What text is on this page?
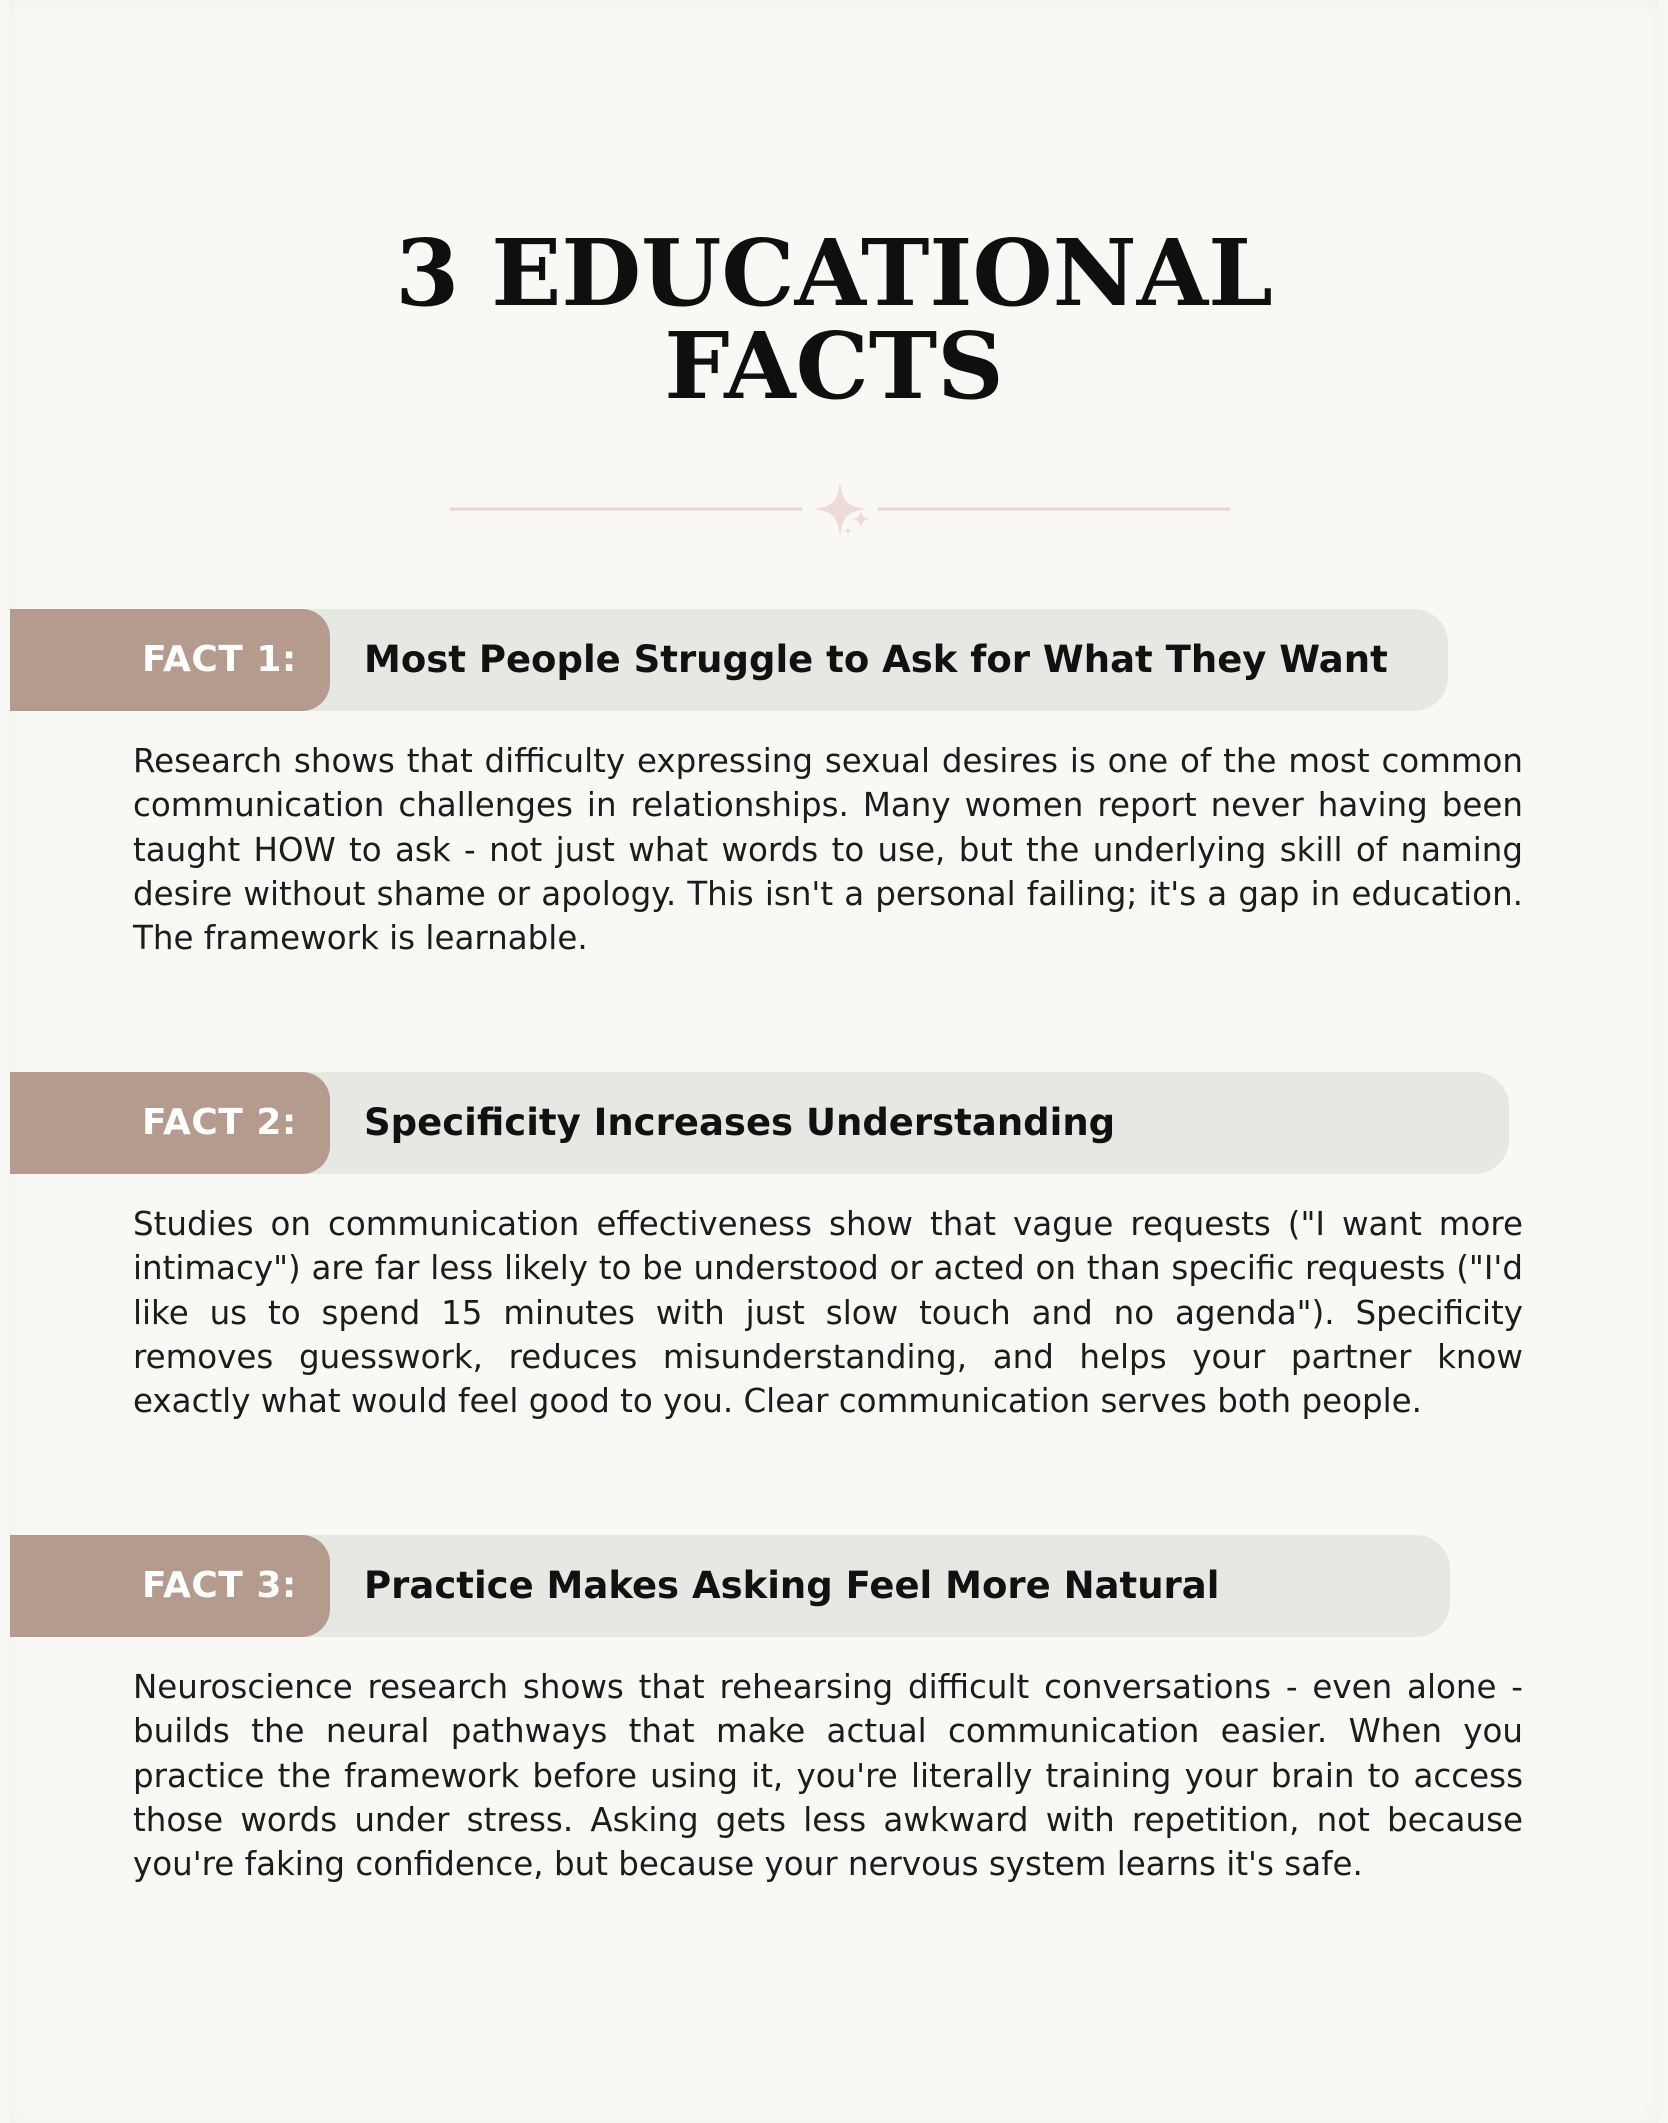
3 EDUCATIONAL
FACTS
FACT 1: Most People Struggle to Ask for What They Want

Research shows that difficulty expressing sexual desires is one of the most common communication challenges in relationships. Many women report never having been taught HOW to ask - not just what words to use, but the underlying skill of naming desire without shame or apology. This isn't a personal failing; it's a gap in education. The framework is learnable.

FACT 2: Specificity Increases Understanding

Studies on communication effectiveness show that vague requests ("I want more intimacy") are far less likely to be understood or acted on than specific requests ("I'd like us to spend 15 minutes with just slow touch and no agenda"). Specificity removes guesswork, reduces misunderstanding, and helps your partner know exactly what would feel good to you. Clear communication serves both people.

FACT 3: Practice Makes Asking Feel More Natural

Neuroscience research shows that rehearsing difficult conversations - even alone - builds the neural pathways that make actual communication easier. When you practice the framework before using it, you're literally training your brain to access those words under stress. Asking gets less awkward with repetition, not because you're faking confidence, but because your nervous system learns it's safe.
